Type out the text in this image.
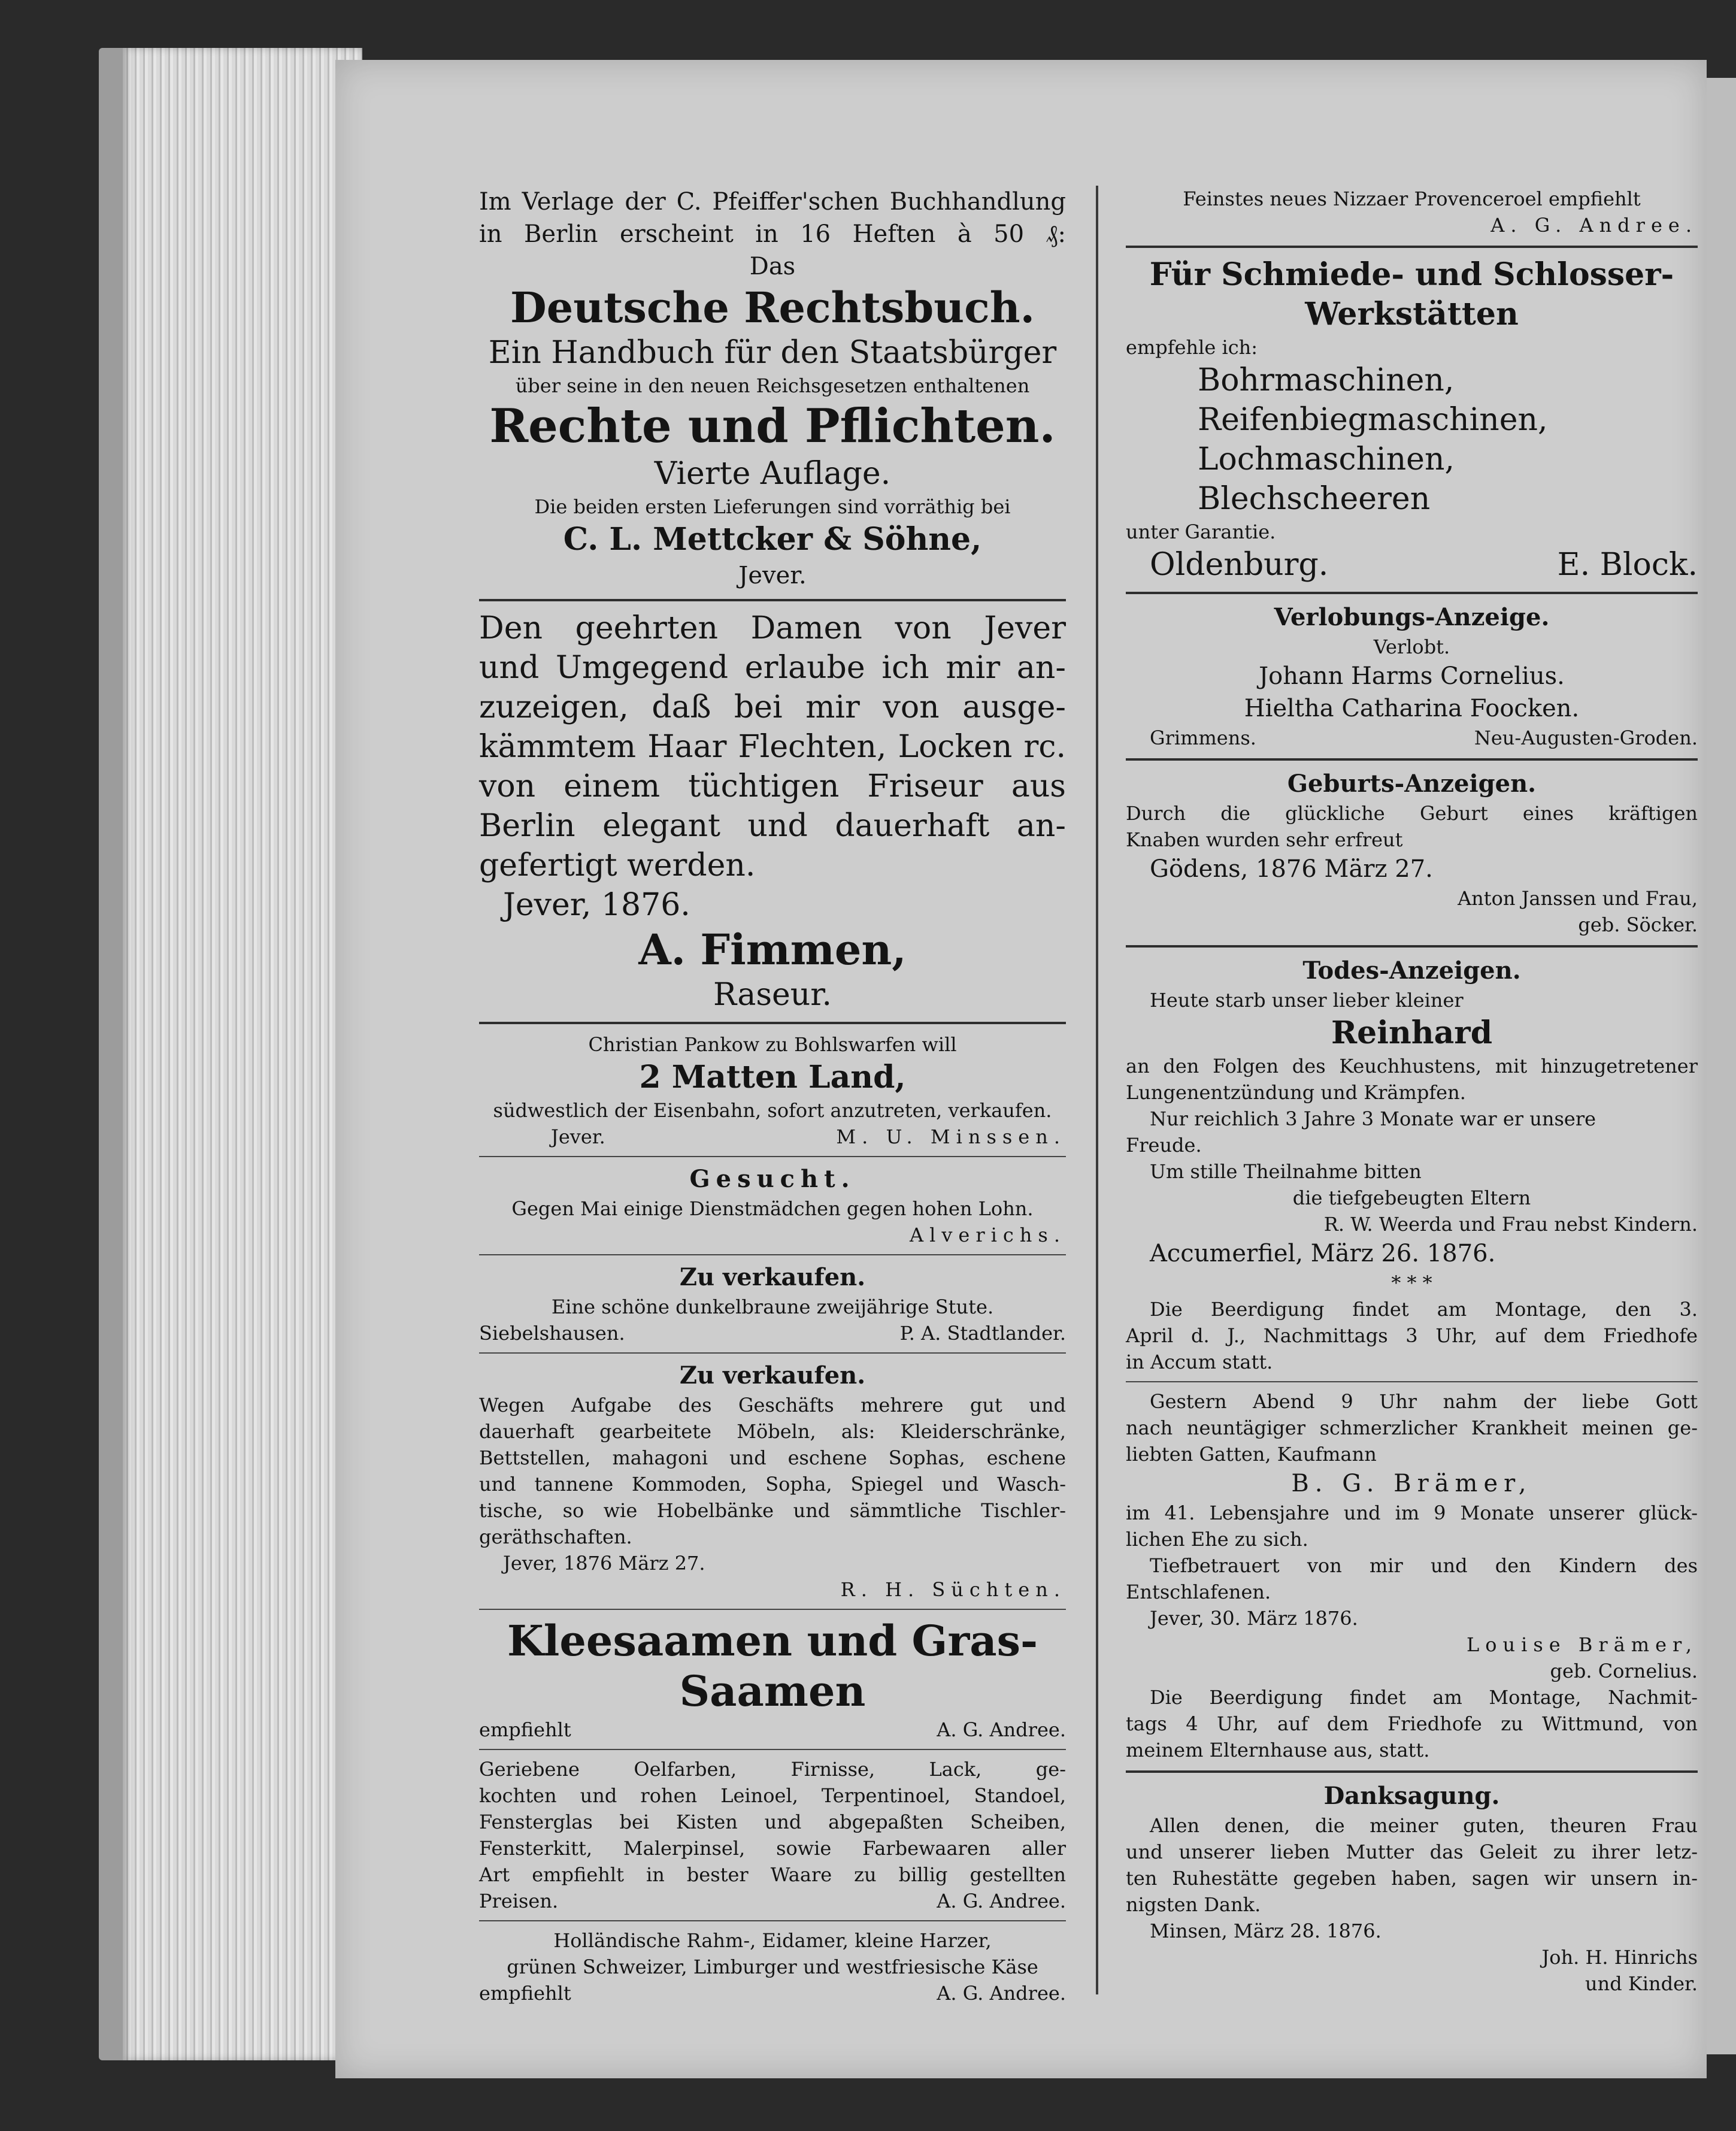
Im Verlage der C. Pfeiffer'schen Buchhandlung

in Berlin erscheint in 16 Heften à 50 ₰:

Das

Deutsche Rechtsbuch.

Ein Handbuch für den Staatsbürger

über seine in den neuen Reichsgesetzen enthaltenen

Rechte und Pflichten.

Vierte Auflage.

Die beiden ersten Lieferungen sind vorräthig bei

C. L. Mettcker & Söhne,

Jever.

Den geehrten Damen von Jever

und Umgegend erlaube ich mir an-

zuzeigen, daß bei mir von ausge-

kämmtem Haar Flechten, Locken rc.

von einem tüchtigen Friseur aus

Berlin elegant und dauerhaft an-

gefertigt werden.

Jever, 1876.

A. Fimmen,

Raseur.

Christian Pankow zu Bohlswarfen will

2 Matten Land,

südwestlich der Eisenbahn, sofort anzutreten, verkaufen.

Jever.	M. U. Minssen.

Gesucht.

Gegen Mai einige Dienstmädchen gegen hohen Lohn.

Alverichs.

Zu verkaufen.

Eine schöne dunkelbraune zweijährige Stute.

Siebelshausen.	P. A. Stadtlander.

Zu verkaufen.

Wegen Aufgabe des Geschäfts mehrere gut und

dauerhaft gearbeitete Möbeln, als: Kleiderschränke,

Bettstellen, mahagoni und eschene Sophas, eschene

und tannene Kommoden, Sopha, Spiegel und Wasch-

tische, so wie Hobelbänke und sämmtliche Tischler-

geräthschaften.

Jever, 1876 März 27.

R. H. Süchten.

Kleesaamen und Gras-

Saamen

empfiehlt	A. G. Andree.

Geriebene Oelfarben, Firnisse, Lack, ge-

kochten und rohen Leinoel, Terpentinoel, Standoel,

Fensterglas bei Kisten und abgepaßten Scheiben,

Fensterkitt, Malerpinsel, sowie Farbewaaren aller

Art empfiehlt in bester Waare zu billig gestellten

Preisen.	A. G. Andree.

Holländische Rahm-, Eidamer, kleine Harzer,

grünen Schweizer, Limburger und westfriesische Käse

empfiehlt	A. G. Andree.

Feinstes neues Nizzaer Provenceroel empfiehlt

A. G. Andree.

Für Schmiede- und Schlosser-

Werkstätten

empfehle ich:

Bohrmaschinen,

Reifenbiegmaschinen,

Lochmaschinen,

Blechscheeren

unter Garantie.

Oldenburg.	E. Block.

Verlobungs-Anzeige.

Verlobt.

Johann Harms Cornelius.

Hieltha Catharina Foocken.

Grimmens.	Neu-Augusten-Groden.

Geburts-Anzeigen.

Durch die glückliche Geburt eines kräftigen

Knaben wurden sehr erfreut

Gödens, 1876 März 27.

Anton Janssen und Frau,

geb. Söcker.

Todes-Anzeigen.

Heute starb unser lieber kleiner

Reinhard

an den Folgen des Keuchhustens, mit hinzugetretener

Lungenentzündung und Krämpfen.

Nur reichlich 3 Jahre 3 Monate war er unsere

Freude.

Um stille Theilnahme bitten

die tiefgebeugten Eltern

R. W. Weerda und Frau nebst Kindern.

Accumerfiel, März 26. 1876.

* * *

Die Beerdigung findet am Montage, den 3.

April d. J., Nachmittags 3 Uhr, auf dem Friedhofe

in Accum statt.

Gestern Abend 9 Uhr nahm der liebe Gott

nach neuntägiger schmerzlicher Krankheit meinen ge-

liebten Gatten, Kaufmann

B. G. Brämer,

im 41. Lebensjahre und im 9 Monate unserer glück-

lichen Ehe zu sich.

Tiefbetrauert von mir und den Kindern des

Entschlafenen.

Jever, 30. März 1876.

Louise Brämer,

geb. Cornelius.

Die Beerdigung findet am Montage, Nachmit-

tags 4 Uhr, auf dem Friedhofe zu Wittmund, von

meinem Elternhause aus, statt.

Danksagung.

Allen denen, die meiner guten, theuren Frau

und unserer lieben Mutter das Geleit zu ihrer letz-

ten Ruhestätte gegeben haben, sagen wir unsern in-

nigsten Dank.

Minsen, März 28. 1876.

Joh. H. Hinrichs

und Kinder.
